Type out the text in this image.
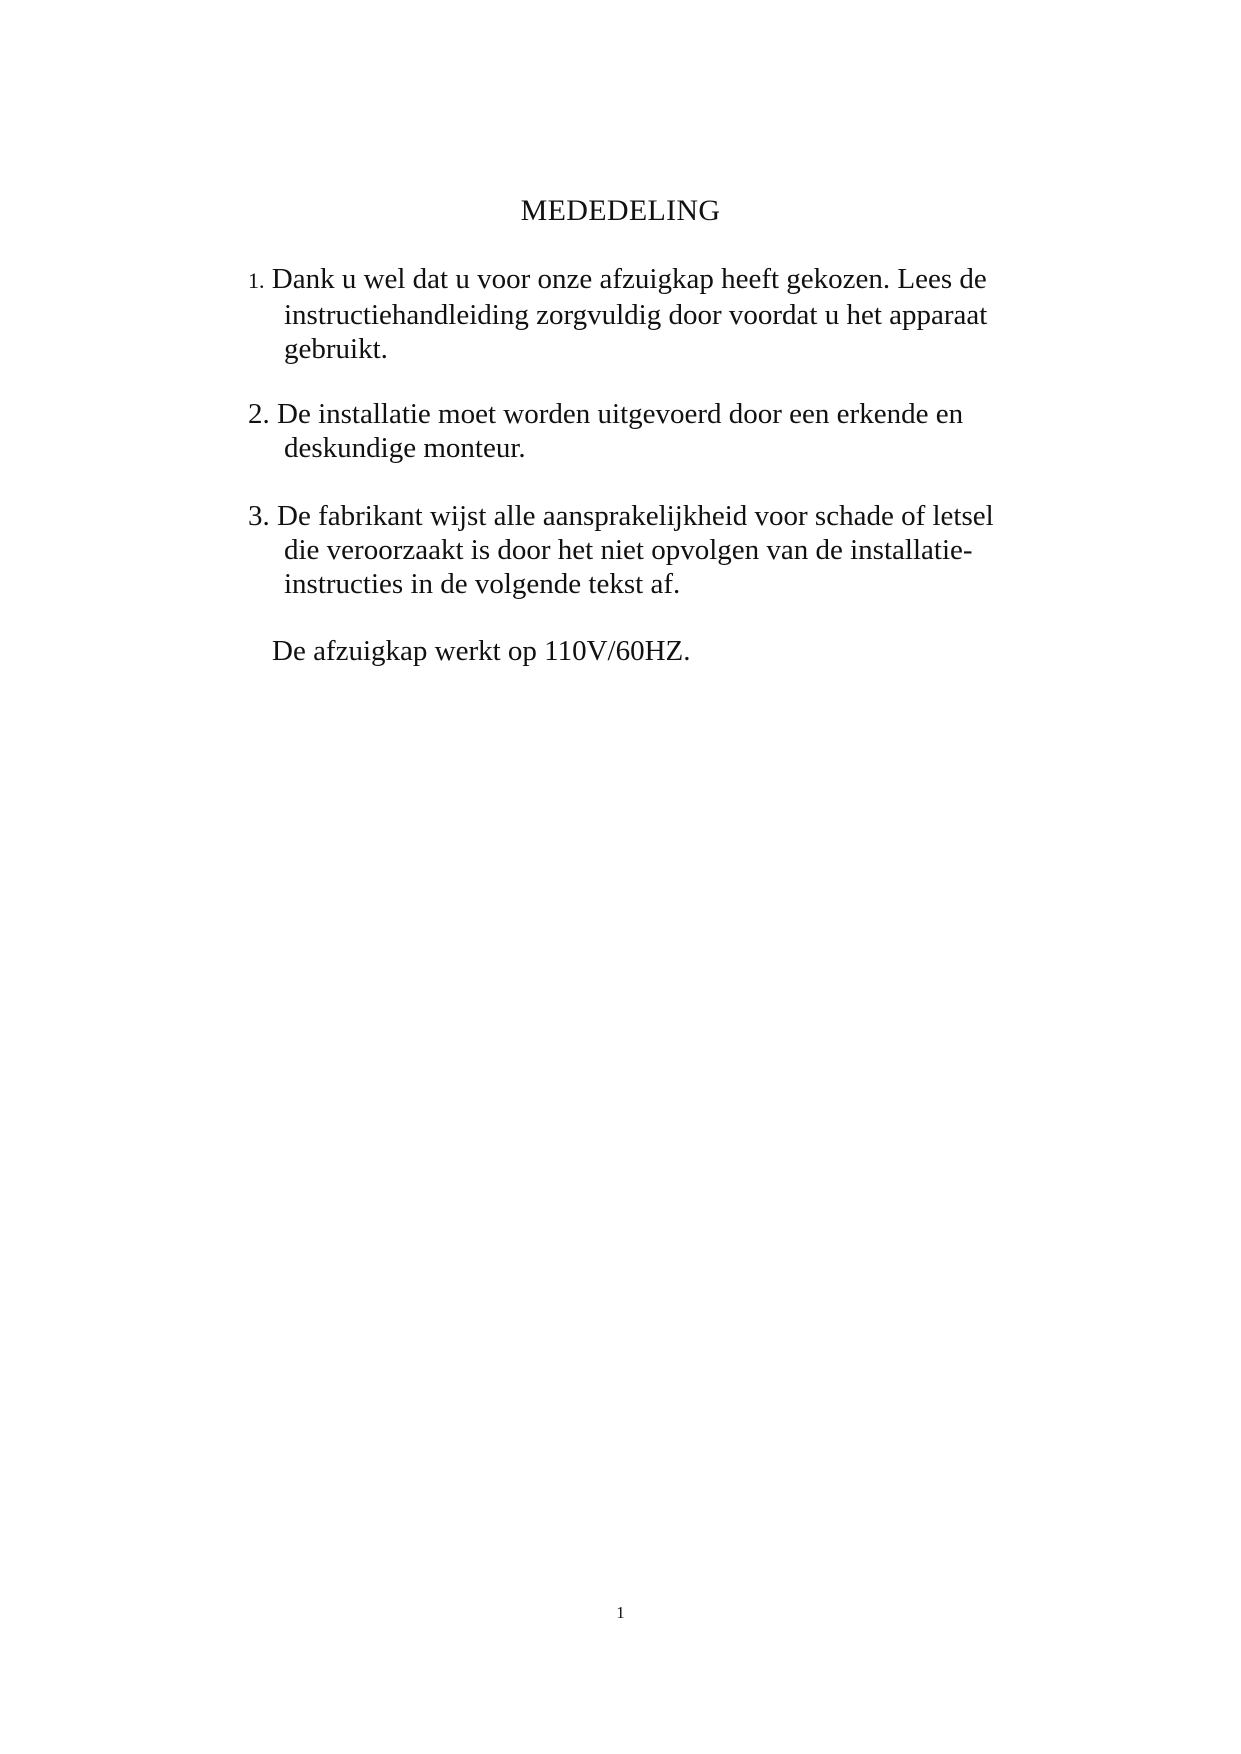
MEDEDELING
1. Dank u wel dat u voor onze afzuigkap heeft gekozen. Lees de
instructiehandleiding zorgvuldig door voordat u het apparaat
gebruikt.
2. De installatie moet worden uitgevoerd door een erkende en
deskundige monteur.
3. De fabrikant wijst alle aansprakelijkheid voor schade of letsel
die veroorzaakt is door het niet opvolgen van de installatie-
instructies in de volgende tekst af.
De afzuigkap werkt op 110V/60HZ.
1
